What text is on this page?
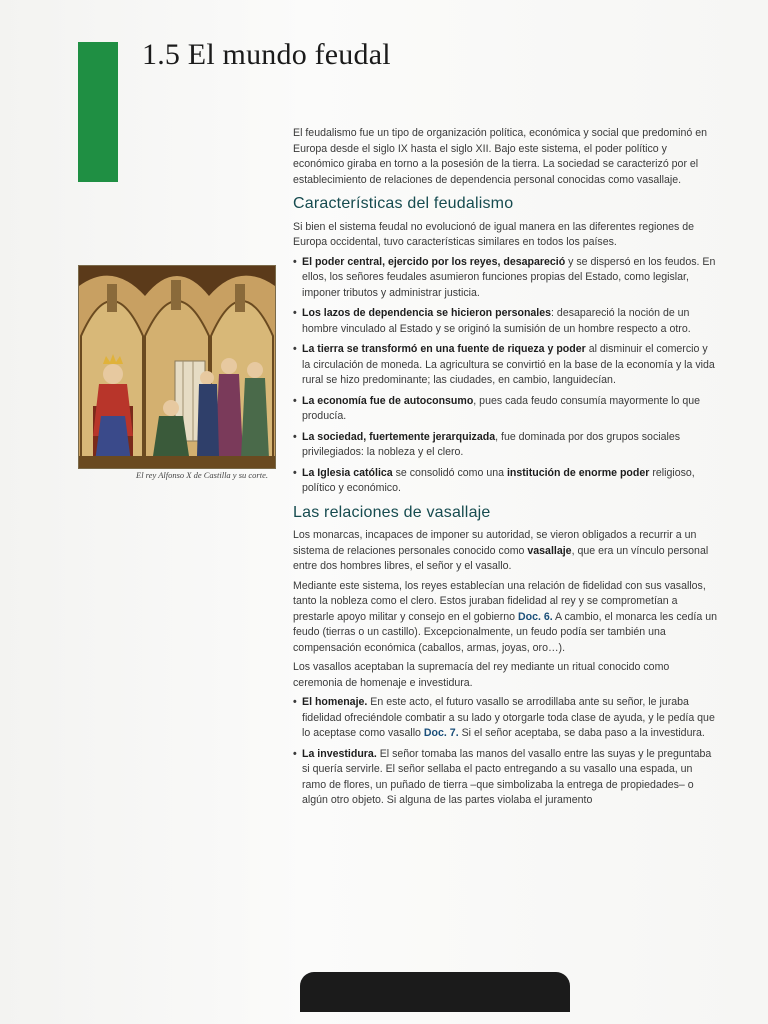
1.5 El mundo feudal
El rey Alfonso X de Castilla y su corte.

El feudalismo fue un tipo de organización política, económica y social que predominó en Europa desde el siglo IX hasta el siglo XII. Bajo este sistema, el poder político y económico giraba en torno a la posesión de la tierra. La sociedad se caracterizó por el establecimiento de relaciones de dependencia personal conocidas como vasallaje.

Características del feudalismo

Si bien el sistema feudal no evolucionó de igual manera en las diferentes regiones de Europa occidental, tuvo características similares en todos los países.

• El poder central, ejercido por los reyes, desapareció y se dispersó en los feudos. En ellos, los señores feudales asumieron funciones propias del Estado, como legislar, imponer tributos y administrar justicia.
• Los lazos de dependencia se hicieron personales: desapareció la noción de un hombre vinculado al Estado y se originó la sumisión de un hombre respecto a otro.
• La tierra se transformó en una fuente de riqueza y poder al disminuir el comercio y la circulación de moneda. La agricultura se convirtió en la base de la economía y la vida rural se hizo predominante; las ciudades, en cambio, languidecían.
• La economía fue de autoconsumo, pues cada feudo consumía mayormente lo que producía.
• La sociedad, fuertemente jerarquizada, fue dominada por dos grupos sociales privilegiados: la nobleza y el clero.
• La Iglesia católica se consolidó como una institución de enorme poder religioso, político y económico.
Las relaciones de vasallaje

Los monarcas, incapaces de imponer su autoridad, se vieron obligados a recurrir a un sistema de relaciones personales conocido como vasallaje, que era un vínculo personal entre dos hombres libres, el señor y el vasallo.

Mediante este sistema, los reyes establecían una relación de fidelidad con sus vasallos, tanto la nobleza como el clero. Estos juraban fidelidad al rey y se comprometían a prestarle apoyo militar y consejo en el gobierno Doc. 6. A cambio, el monarca les cedía un feudo (tierras o un castillo). Excepcionalmente, un feudo podía ser también una compensación económica (caballos, armas, joyas, oro…).

Los vasallos aceptaban la supremacía del rey mediante un ritual conocido como ceremonia de homenaje e investidura.

• El homenaje. En este acto, el futuro vasallo se arrodillaba ante su señor, le juraba fidelidad ofreciéndole combatir a su lado y otorgarle toda clase de ayuda, y le pedía que lo aceptase como vasallo Doc. 7. Si el señor aceptaba, se daba paso a la investidura.
• La investidura. El señor tomaba las manos del vasallo entre las suyas y le preguntaba si quería servirle. El señor sellaba el pacto entregando a su vasallo una espada, un ramo de flores, un puñado de tierra –que simbolizaba la entrega de propiedades– o algún otro objeto. Si alguna de las partes violaba el juramento
